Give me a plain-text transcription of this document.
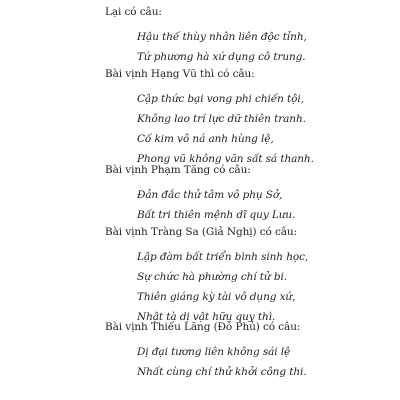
Lại có câu:
Hậu thế thùy nhân liên độc tỉnh,
Tứ phương hà xứ dụng cô trung.
Bài vịnh Hạng Vũ thì có câu:
Cập thức bại vong phi chiến tội,
Không lao trí lực dữ thiên tranh.
Cố kim vô ná anh hùng lệ,
Phong vũ không văn sất sá thanh.
Bài vịnh Phạm Tăng có câu:
Đản đắc thử tâm vô phụ Sở,
Bất tri thiên mệnh dĩ quy Lưu.
Bài vịnh Tràng Sa (Giả Nghị) có câu:
Lập đàm bất triển bình sinh học,
Sự chức hà phường chí tử bi.
Thiên giáng kỳ tài vô dụng xứ,
Nhật tà dị vật hữu quy thì.
Bài vịnh Thiếu Lăng (Đỗ Phủ) có câu:
Dị đại tương liên không sái lệ
Nhất cùng chí thử khởi công thi.
